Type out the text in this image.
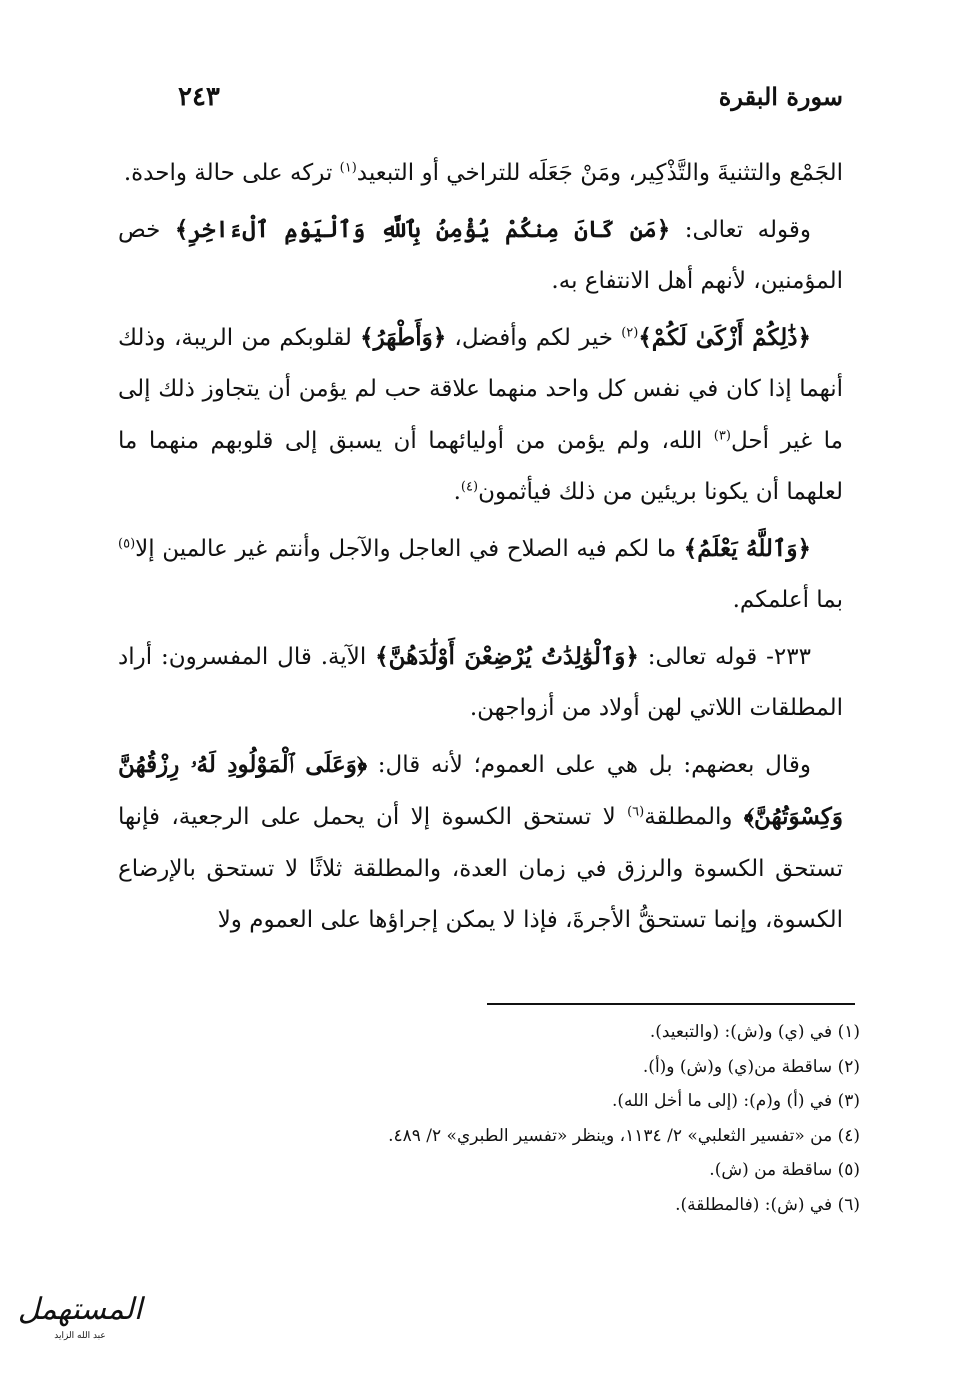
سورة البقرة
٢٤٣

الجَمْع والتثنيةَ والتَّذْكِير، ومَنْ جَعَلَه للتراخي أو التبعيد$^{(١)}$ تركه على حالة واحدة.

وقوله تعالى: ﴿مَن كَانَ مِنكُمْ يُؤْمِنُ بِٱللَّهِ وَٱلْيَوْمِ ٱلْءَاخِرِ﴾ خص المؤمنين، لأنهم أهل الانتفاع به.

﴿ذَٰلِكُمْ أَزْكَىٰ لَكُمْ﴾$^{(٢)}$ خير لكم وأفضل، ﴿وَأَطْهَرُ﴾ لقلوبكم من الريبة، وذلك أنهما إذا كان في نفس كل واحد منهما علاقة حب لم يؤمن أن يتجاوز ذلك إلى ما غير أحل$^{(٣)}$ الله، ولم يؤمن من أوليائهما أن يسبق إلى قلوبهم منهما ما لعلهما أن يكونا بريئين من ذلك فيأثمون$^{(٤)}$.

﴿وَٱللَّهُ يَعْلَمُ﴾ ما لكم فيه الصلاح في العاجل والآجل وأنتم غير عالمين إلا$^{(٥)}$ بما أعلمكم.

٢٣٣- قوله تعالى: ﴿وَٱلْوَٰلِدَٰتُ يُرْضِعْنَ أَوْلَٰدَهُنَّ﴾ الآية. قال المفسرون: أراد المطلقات اللاتي لهن أولاد من أزواجهن.

وقال بعضهم: بل هي على العموم؛ لأنه قال: ﴿وَعَلَى ٱلْمَوْلُودِ لَهُۥ رِزْقُهُنَّ وَكِسْوَتُهُنَّ﴾ والمطلقة$^{(٦)}$ لا تستحق الكسوة إلا أن يحمل على الرجعية، فإنها تستحق الكسوة والرزق في زمان العدة، والمطلقة ثلاثًا لا تستحق بالإرضاع الكسوة، وإنما تستحقُّ الأجرةَ، فإذا لا يمكن إجراؤها على العموم ولا

(١) في (ي) و(ش): (والتبعيد).
(٢) ساقطة من(ي) و(ش) و(أ).
(٣) في (أ) و(م): (إلى ما أخل الله).
(٤) من «تفسير الثعلبي» ٢/ ١١٣٤، وينظر «تفسير الطبري» ٢/ ٤٨٩.
(٥) ساقطة من (ش).
(٦) في (ش): (فالمطلقة).
المستهمل
عبد الله الزايد
